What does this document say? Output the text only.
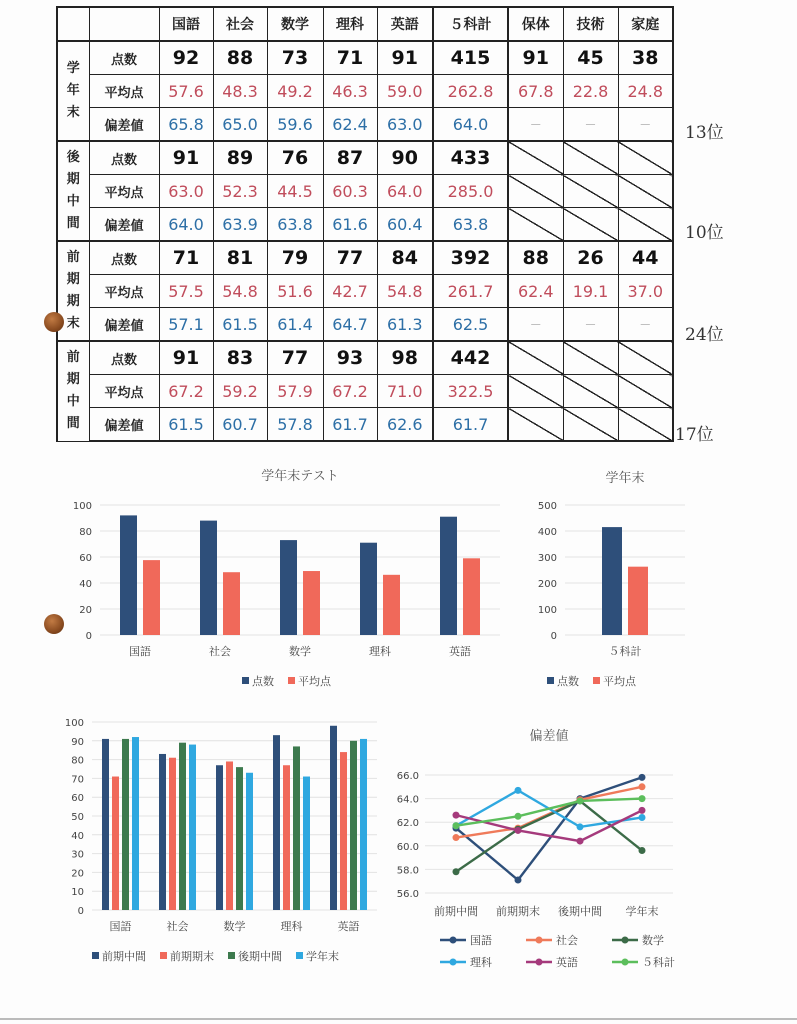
		国語	社会	数学	理科	英語	５科計	保体	技術	家庭

学
年
末	点数	92	88	73	71	91	415	91	45	38
	平均点	57.6	48.3	49.2	46.3	59.0	262.8	67.8	22.8	24.8
	偏差値	65.8	65.0	59.6	62.4	63.0	64.0	－	－	－

後
期
中
間	点数	91	89	76	87	90	433			
	平均点	63.0	52.3	44.5	60.3	64.0	285.0			
	偏差値	64.0	63.9	63.8	61.6	60.4	63.8			

前
期
期
末	点数	71	81	79	77	84	392	88	26	44
	平均点	57.5	54.8	51.6	42.7	54.8	261.7	62.4	19.1	37.0
	偏差値	57.1	61.5	61.4	64.7	61.3	62.5	－	－	－

前
期
中
間	点数	91	83	77	93	98	442			
	平均点	67.2	59.2	57.9	67.2	71.0	322.5			
	偏差値	61.5	60.7	57.8	61.7	62.6	61.7			
学年末テスト
0
20
40
60
80
100
国語	社会	数学	理科	英語
点数 平均点
学年末
0
100
200
300
400
500
５科計
点数 平均点
0
10
20
30
40
50
60
70
80
90
100
国語	社会	数学	理科	英語
前期中間 前期期末 後期中間 学年末
偏差値
56.0
58.0
60.0
62.0
64.0
66.0
前期中間 前期期末 後期中間 学年末
国語	社会	数学
理科	英語	５科計
13位
10位
24位
17位
